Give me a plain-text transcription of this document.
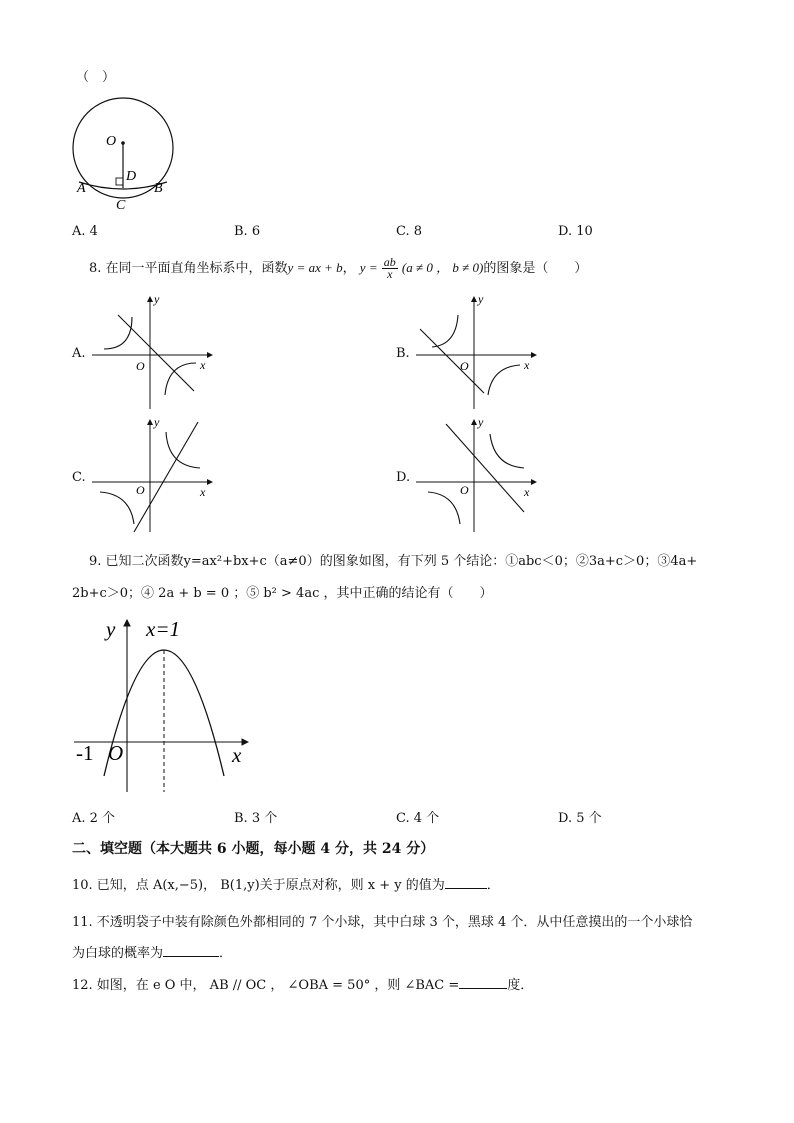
（　）
O
D
A	B
C
A. 4	B. 6	C. 8	D. 10
8. 在同一平面直角坐标系中，函数y = ax + b， $y = \frac{ab}{x} (a \ne 0$ ， b ≠ 0)的图象是（　　）
A.
y
x
O
B.
y
x
O
C.
y
x
O
D.
y
x
O
9. 已知二次函数y=ax²+bx+c（a≠0）的图象如图，有下列 5 个结论：①abc＜0；②3a+c＞0；③4a+
2b+c＞0；④ 2a + b = 0 ；⑤ b² > 4ac ，其中正确的结论有（　　）
y x=1
-1 O	x
A. 2 个	B. 3 个	C. 4 个	D. 5 个
二、填空题（本大题共 6 小题，每小题 4 分，共 24 分）
10. 已知，点 A(x,−5)， B(1,y)关于原点对称，则 x + y 的值为	．
11. 不透明袋子中装有除颜色外都相同的 7 个小球，其中白球 3 个，黑球 4 个．从中任意摸出的一个小球恰
为白球的概率为	．
12. 如图，在 e O 中， AB // OC ， ∠OBA = 50° ，则 ∠BAC =	度．
